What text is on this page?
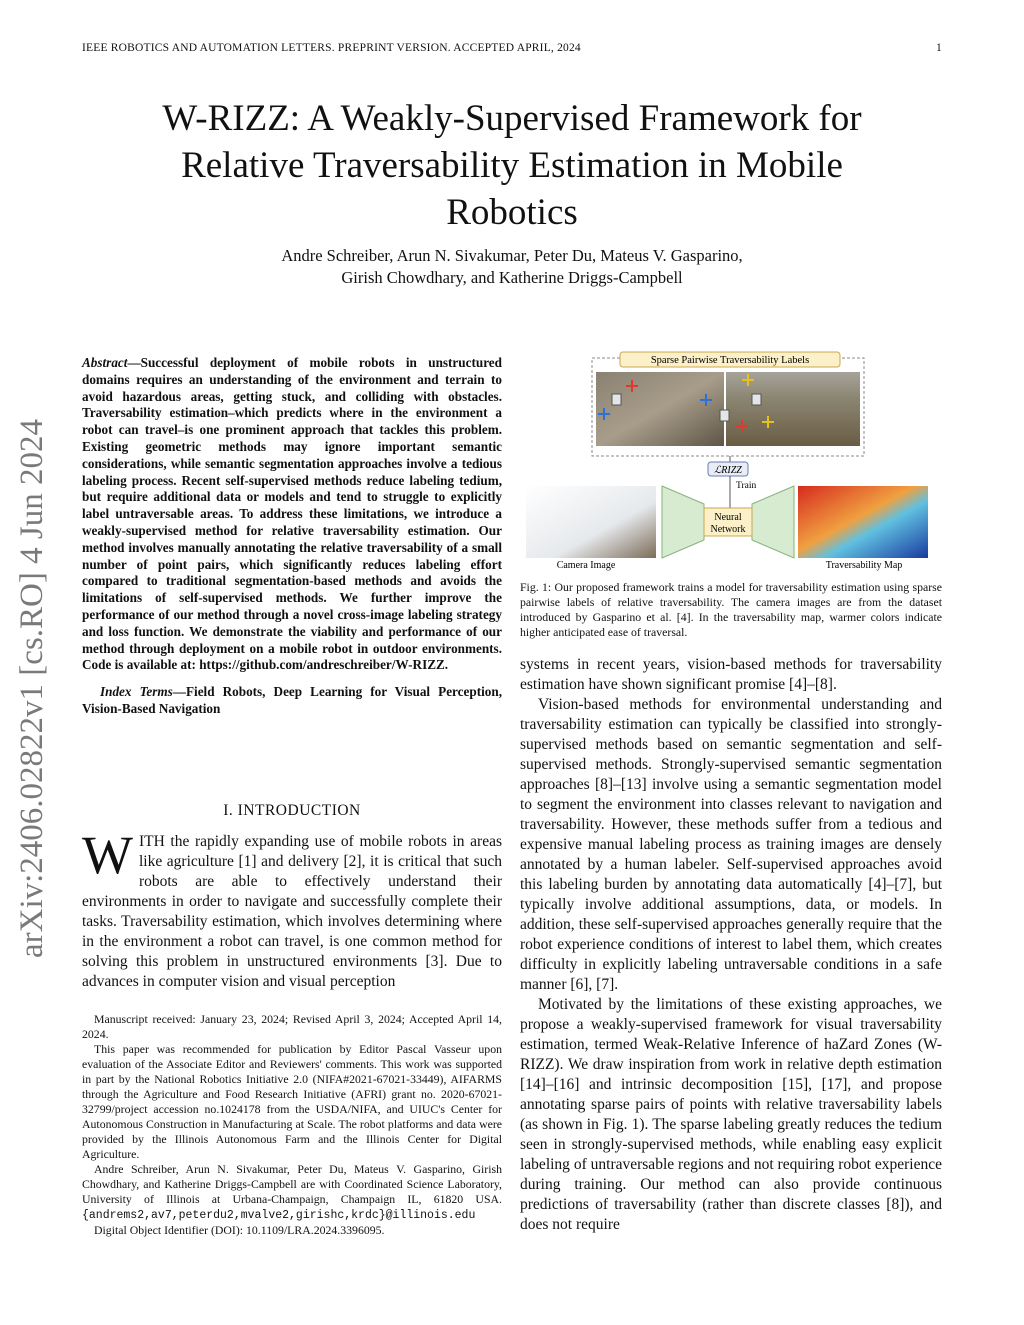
IEEE ROBOTICS AND AUTOMATION LETTERS. PREPRINT VERSION. ACCEPTED APRIL, 2024	1
W-RIZZ: A Weakly-Supervised Framework for
Relative Traversability Estimation in Mobile
Robotics
Andre Schreiber, Arun N. Sivakumar, Peter Du, Mateus V. Gasparino,
Girish Chowdhary, and Katherine Driggs-Campbell
arXiv:2406.02822v1 [cs.RO] 4 Jun 2024
Abstract—Successful deployment of mobile robots in unstructured domains requires an understanding of the environment and terrain to avoid hazardous areas, getting stuck, and colliding with obstacles. Traversability estimation–which predicts where in the environment a robot can travel–is one prominent approach that tackles this problem. Existing geometric methods may ignore important semantic considerations, while semantic segmentation approaches involve a tedious labeling process. Recent self-supervised methods reduce labeling tedium, but require additional data or models and tend to struggle to explicitly label untraversable areas. To address these limitations, we introduce a weakly-supervised method for relative traversability estimation. Our method involves manually annotating the relative traversability of a small number of point pairs, which significantly reduces labeling effort compared to traditional segmentation-based methods and avoids the limitations of self-supervised methods. We further improve the performance of our method through a novel cross-image labeling strategy and loss function. We demonstrate the viability and performance of our method through deployment on a mobile robot in outdoor environments. Code is available at: https://github.com/andreschreiber/W-RIZZ.
Index Terms—Field Robots, Deep Learning for Visual Perception, Vision-Based Navigation
I. INTRODUCTION
WITH the rapidly expanding use of mobile robots in areas like agriculture [1] and delivery [2], it is critical that such robots are able to effectively understand their environments in order to navigate and successfully complete their tasks. Traversability estimation, which involves determining where in the environment a robot can travel, is one common method for solving this problem in unstructured environments [3]. Due to advances in computer vision and visual perception

Manuscript received: January 23, 2024; Revised April 3, 2024; Accepted April 14, 2024.

This paper was recommended for publication by Editor Pascal Vasseur upon evaluation of the Associate Editor and Reviewers' comments. This work was supported in part by the National Robotics Initiative 2.0 (NIFA#2021-67021-33449), AIFARMS through the Agriculture and Food Research Initiative (AFRI) grant no. 2020-67021-32799/project accession no.1024178 from the USDA/NIFA, and UIUC's Center for Autonomous Construction in Manufacturing at Scale. The robot platforms and data were provided by the Illinois Autonomous Farm and the Illinois Center for Digital Agriculture.

Andre Schreiber, Arun N. Sivakumar, Peter Du, Mateus V. Gasparino, Girish Chowdhary, and Katherine Driggs-Campbell are with Coordinated Science Laboratory, University of Illinois at Urbana-Champaign, Champaign IL, 61820 USA. {andrems2,av7,peterdu2,mvalve2,girishc,krdc}@illinois.edu

Digital Object Identifier (DOI): 10.1109/LRA.2024.3396095.

Sparse Pairwise Traversability Labels
ℒRIZZ
Train
Neural
Network
Camera Image	Traversability Map
Fig. 1: Our proposed framework trains a model for traversability estimation using sparse pairwise labels of relative traversability. The camera images are from the dataset introduced by Gasparino et al. [4]. In the traversability map, warmer colors indicate higher anticipated ease of traversal.

systems in recent years, vision-based methods for traversability estimation have shown significant promise [4]–[8].

Vision-based methods for environmental understanding and traversability estimation can typically be classified into strongly-supervised methods based on semantic segmentation and self-supervised methods. Strongly-supervised semantic segmentation approaches [8]–[13] involve using a semantic segmentation model to segment the environment into classes relevant to navigation and traversability. However, these methods suffer from a tedious and expensive manual labeling process as training images are densely annotated by a human labeler. Self-supervised approaches avoid this labeling burden by annotating data automatically [4]–[7], but typically involve additional assumptions, data, or models. In addition, these self-supervised approaches generally require that the robot experience conditions of interest to label them, which creates difficulty in explicitly labeling untraversable conditions in a safe manner [6], [7].

Motivated by the limitations of these existing approaches, we propose a weakly-supervised framework for visual traversability estimation, termed Weak-Relative Inference of haZard Zones (W-RIZZ). We draw inspiration from work in relative depth estimation [14]–[16] and intrinsic decomposition [15], [17], and propose annotating sparse pairs of points with relative traversability labels (as shown in Fig. 1). The sparse labeling greatly reduces the tedium seen in strongly-supervised methods, while enabling easy explicit labeling of untraversable regions and not requiring robot experience during training. Our method can also provide continuous predictions of traversability (rather than discrete classes [8]), and does not require
